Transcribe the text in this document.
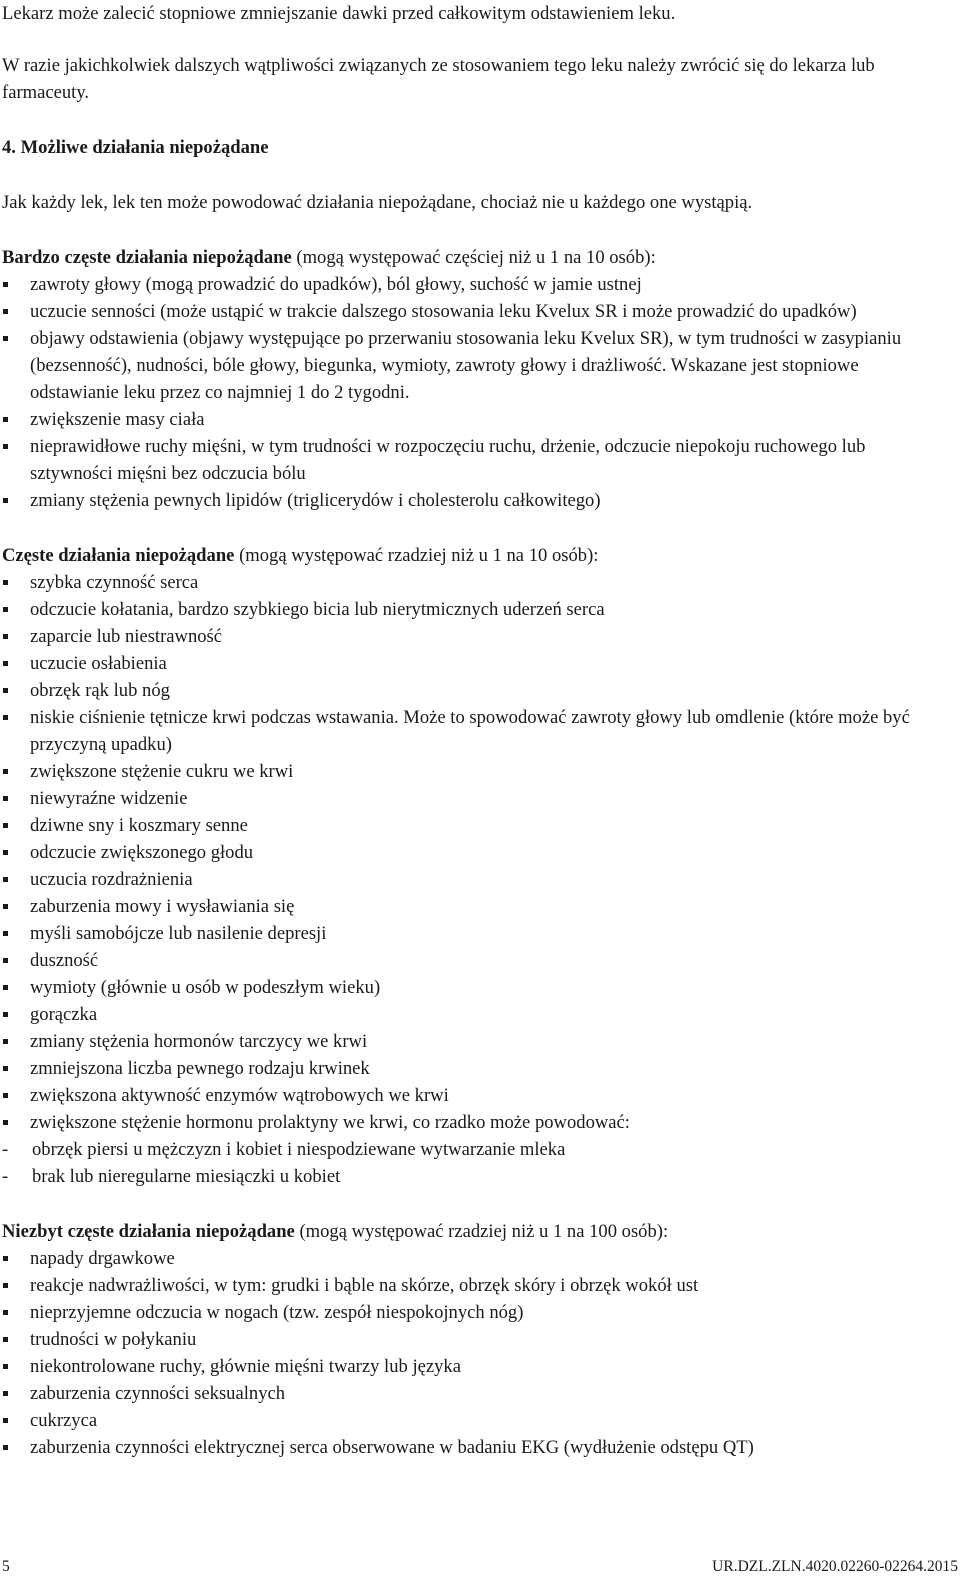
Lekarz może zalecić stopniowe zmniejszanie dawki przed całkowitym odstawieniem leku.

W razie jakichkolwiek dalszych wątpliwości związanych ze stosowaniem tego leku należy zwrócić się do lekarza lub farmaceuty.

4. Możliwe działania niepożądane

Jak każdy lek, lek ten może powodować działania niepożądane, chociaż nie u każdego one wystąpią.

Bardzo częste działania niepożądane (mogą występować częściej niż u 1 na 10 osób):

zawroty głowy (mogą prowadzić do upadków), ból głowy, suchość w jamie ustnej
uczucie senności (może ustąpić w trakcie dalszego stosowania leku Kvelux SR i może prowadzić do upadków)
objawy odstawienia (objawy występujące po przerwaniu stosowania leku Kvelux SR), w tym trudności w zasypianiu (bezsenność), nudności, bóle głowy, biegunka, wymioty, zawroty głowy i drażliwość. Wskazane jest stopniowe odstawianie leku przez co najmniej 1 do 2 tygodni.
zwiększenie masy ciała
nieprawidłowe ruchy mięśni, w tym trudności w rozpoczęciu ruchu, drżenie, odczucie niepokoju ruchowego lub sztywności mięśni bez odczucia bólu
zmiany stężenia pewnych lipidów (triglicerydów i cholesterolu całkowitego)

Częste działania niepożądane (mogą występować rzadziej niż u 1 na 10 osób):

szybka czynność serca
odczucie kołatania, bardzo szybkiego bicia lub nierytmicznych uderzeń serca
zaparcie lub niestrawność
uczucie osłabienia
obrzęk rąk lub nóg
niskie ciśnienie tętnicze krwi podczas wstawania. Może to spowodować zawroty głowy lub omdlenie (które może być przyczyną upadku)
zwiększone stężenie cukru we krwi
niewyraźne widzenie
dziwne sny i koszmary senne
odczucie zwiększonego głodu
uczucia rozdrażnienia
zaburzenia mowy i wysławiania się
myśli samobójcze lub nasilenie depresji
duszność
wymioty (głównie u osób w podeszłym wieku)
gorączka
zmiany stężenia hormonów tarczycy we krwi
zmniejszona liczba pewnego rodzaju krwinek
zwiększona aktywność enzymów wątrobowych we krwi
zwiększone stężenie hormonu prolaktyny we krwi, co rzadko może powodować:
- obrzęk piersi u mężczyzn i kobiet i niespodziewane wytwarzanie mleka
- brak lub nieregularne miesiączki u kobiet

Niezbyt częste działania niepożądane (mogą występować rzadziej niż u 1 na 100 osób):

napady drgawkowe
reakcje nadwrażliwości, w tym: grudki i bąble na skórze, obrzęk skóry i obrzęk wokół ust
nieprzyjemne odczucia w nogach (tzw. zespół niespokojnych nóg)
trudności w połykaniu
niekontrolowane ruchy, głównie mięśni twarzy lub języka
zaburzenia czynności seksualnych
cukrzyca
zaburzenia czynności elektrycznej serca obserwowane w badaniu EKG (wydłużenie odstępu QT)
5	UR.DZL.ZLN.4020.02260-02264.2015
